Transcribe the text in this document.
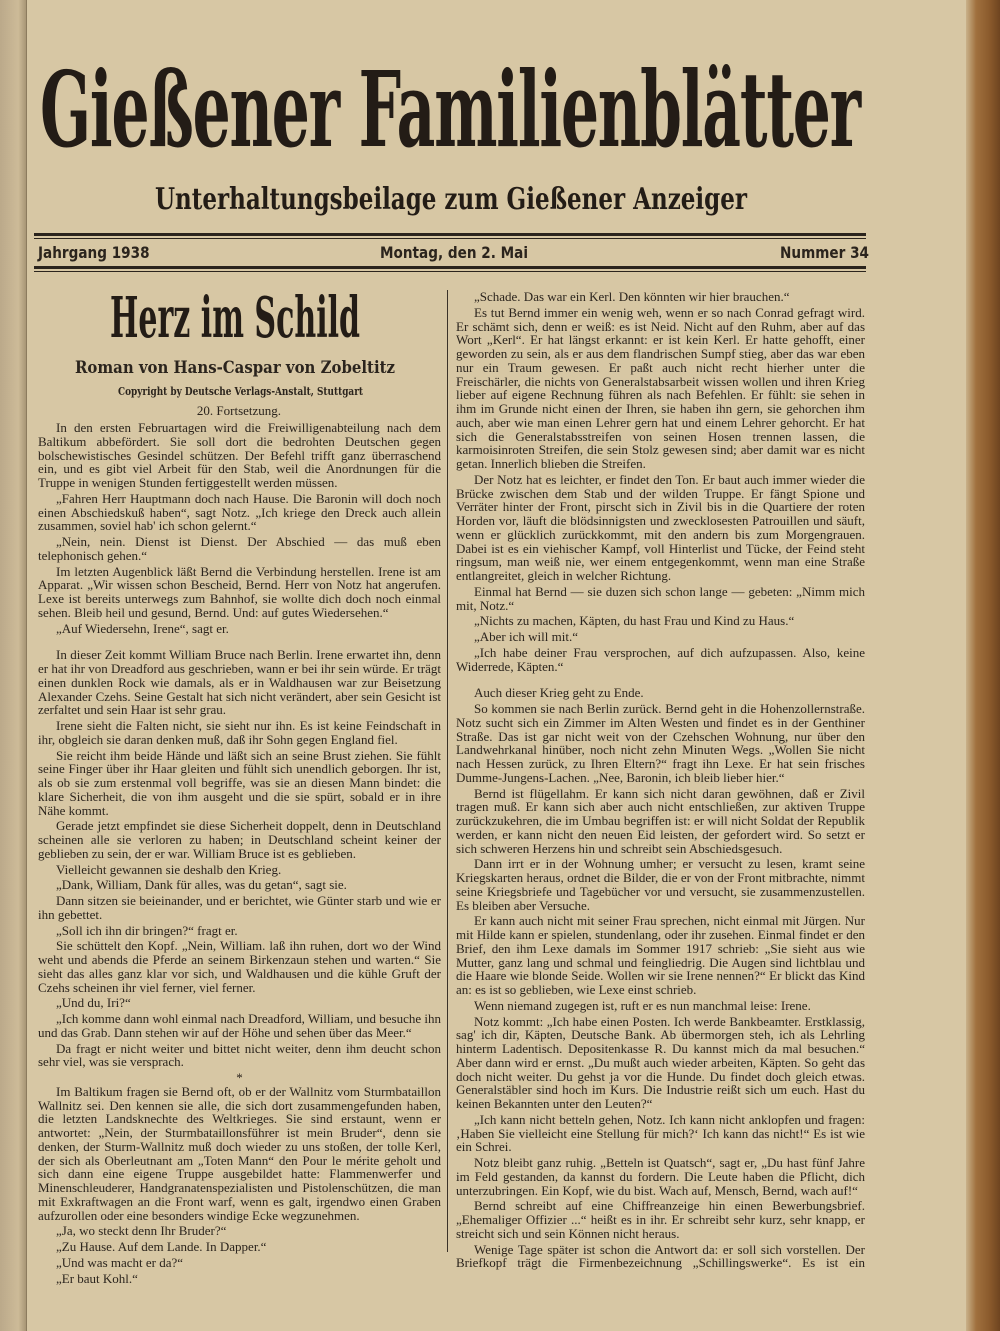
Gießener Familienblätter
Unterhaltungsbeilage zum Gießener Anzeiger
Jahrgang 1938	Montag, den 2. Mai	Nummer 34
Herz im Schild
Roman von Hans-Caspar von Zobeltitz
Copyright by Deutsche Verlags-Anstalt, Stuttgart
20. Fortsetzung.

In den ersten Februartagen wird die Freiwilligenabteilung nach dem Baltikum abbefördert. Sie soll dort die bedrohten Deutschen gegen bolschewistisches Gesindel schützen. Der Befehl trifft ganz überraschend ein, und es gibt viel Arbeit für den Stab, weil die Anordnungen für die Truppe in wenigen Stunden fertiggestellt werden müssen.

„Fahren Herr Hauptmann doch nach Hause. Die Baronin will doch noch einen Abschiedskuß haben“, sagt Notz. „Ich kriege den Dreck auch allein zusammen, soviel hab' ich schon gelernt.“

„Nein, nein. Dienst ist Dienst. Der Abschied — das muß eben telephonisch gehen.“

Im letzten Augenblick läßt Bernd die Verbindung herstellen. Irene ist am Apparat. „Wir wissen schon Bescheid, Bernd. Herr von Notz hat angerufen. Lexe ist bereits unterwegs zum Bahnhof, sie wollte dich doch noch einmal sehen. Bleib heil und gesund, Bernd. Und: auf gutes Wiedersehen.“

„Auf Wiedersehn, Irene“, sagt er.

In dieser Zeit kommt William Bruce nach Berlin. Irene erwartet ihn, denn er hat ihr von Dreadford aus geschrieben, wann er bei ihr sein würde. Er trägt einen dunklen Rock wie damals, als er in Waldhausen war zur Beisetzung Alexander Czehs. Seine Gestalt hat sich nicht verändert, aber sein Gesicht ist zerfaltet und sein Haar ist sehr grau.

Irene sieht die Falten nicht, sie sieht nur ihn. Es ist keine Feindschaft in ihr, obgleich sie daran denken muß, daß ihr Sohn gegen England fiel.

Sie reicht ihm beide Hände und läßt sich an seine Brust ziehen. Sie fühlt seine Finger über ihr Haar gleiten und fühlt sich unendlich geborgen. Ihr ist, als ob sie zum erstenmal voll begriffe, was sie an diesen Mann bindet: die klare Sicherheit, die von ihm ausgeht und die sie spürt, sobald er in ihre Nähe kommt.

Gerade jetzt empfindet sie diese Sicherheit doppelt, denn in Deutschland scheinen alle sie verloren zu haben; in Deutschland scheint keiner der geblieben zu sein, der er war. William Bruce ist es geblieben.

Vielleicht gewannen sie deshalb den Krieg.

„Dank, William, Dank für alles, was du getan“, sagt sie.

Dann sitzen sie beieinander, und er berichtet, wie Günter starb und wie er ihn gebettet.

„Soll ich ihn dir bringen?“ fragt er.

Sie schüttelt den Kopf. „Nein, William. laß ihn ruhen, dort wo der Wind weht und abends die Pferde an seinem Birkenzaun stehen und warten.“ Sie sieht das alles ganz klar vor sich, und Waldhausen und die kühle Gruft der Czehs scheinen ihr viel ferner, viel ferner.

„Und du, Iri?“

„Ich komme dann wohl einmal nach Dreadford, William, und besuche ihn und das Grab. Dann stehen wir auf der Höhe und sehen über das Meer.“

Da fragt er nicht weiter und bittet nicht weiter, denn ihm deucht schon sehr viel, was sie versprach.

*

Im Baltikum fragen sie Bernd oft, ob er der Wallnitz vom Sturmbataillon Wallnitz sei. Den kennen sie alle, die sich dort zusammengefunden haben, die letzten Landsknechte des Weltkrieges. Sie sind erstaunt, wenn er antwortet: „Nein, der Sturmbataillonsführer ist mein Bruder“, denn sie denken, der Sturm-Wallnitz muß doch wieder zu uns stoßen, der tolle Kerl, der sich als Oberleutnant am „Toten Mann“ den Pour le mérite geholt und sich dann eine eigene Truppe ausgebildet hatte: Flammenwerfer und Minenschleuderer, Handgranatenspezialisten und Pistolenschützen, die man mit Exkraftwagen an die Front warf, wenn es galt, irgendwo einen Graben aufzurollen oder eine besonders windige Ecke wegzunehmen.

„Ja, wo steckt denn Ihr Bruder?“

„Zu Hause. Auf dem Lande. In Dapper.“

„Und was macht er da?“

„Er baut Kohl.“

„Schade. Das war ein Kerl. Den könnten wir hier brauchen.“

Es tut Bernd immer ein wenig weh, wenn er so nach Conrad gefragt wird. Er schämt sich, denn er weiß: es ist Neid. Nicht auf den Ruhm, aber auf das Wort „Kerl“. Er hat längst erkannt: er ist kein Kerl. Er hatte gehofft, einer geworden zu sein, als er aus dem flandrischen Sumpf stieg, aber das war eben nur ein Traum gewesen. Er paßt auch nicht recht hierher unter die Freischärler, die nichts von Generalstabsarbeit wissen wollen und ihren Krieg lieber auf eigene Rechnung führen als nach Befehlen. Er fühlt: sie sehen in ihm im Grunde nicht einen der Ihren, sie haben ihn gern, sie gehorchen ihm auch, aber wie man einen Lehrer gern hat und einem Lehrer gehorcht. Er hat sich die Generalstabsstreifen von seinen Hosen trennen lassen, die karmoisinroten Streifen, die sein Stolz gewesen sind; aber damit war es nicht getan. Innerlich blieben die Streifen.

Der Notz hat es leichter, er findet den Ton. Er baut auch immer wieder die Brücke zwischen dem Stab und der wilden Truppe. Er fängt Spione und Verräter hinter der Front, pirscht sich in Zivil bis in die Quartiere der roten Horden vor, läuft die blödsinnigsten und zwecklosesten Patrouillen und säuft, wenn er glücklich zurückkommt, mit den andern bis zum Morgengrauen. Dabei ist es ein viehischer Kampf, voll Hinterlist und Tücke, der Feind steht ringsum, man weiß nie, wer einem entgegenkommt, wenn man eine Straße entlangreitet, gleich in welcher Richtung.

Einmal hat Bernd — sie duzen sich schon lange — gebeten: „Nimm mich mit, Notz.“

„Nichts zu machen, Käpten, du hast Frau und Kind zu Haus.“

„Aber ich will mit.“

„Ich habe deiner Frau versprochen, auf dich aufzupassen. Also, keine Widerrede, Käpten.“

Auch dieser Krieg geht zu Ende.

So kommen sie nach Berlin zurück. Bernd geht in die Hohenzollernstraße. Notz sucht sich ein Zimmer im Alten Westen und findet es in der Genthiner Straße. Das ist gar nicht weit von der Czehschen Wohnung, nur über den Landwehrkanal hinüber, noch nicht zehn Minuten Wegs. „Wollen Sie nicht nach Hessen zurück, zu Ihren Eltern?“ fragt ihn Lexe. Er hat sein frisches Dumme-Jungens-Lachen. „Nee, Baronin, ich bleib lieber hier.“

Bernd ist flügellahm. Er kann sich nicht daran gewöhnen, daß er Zivil tragen muß. Er kann sich aber auch nicht entschließen, zur aktiven Truppe zurückzukehren, die im Umbau begriffen ist: er will nicht Soldat der Republik werden, er kann nicht den neuen Eid leisten, der gefordert wird. So setzt er sich schweren Herzens hin und schreibt sein Abschiedsgesuch.

Dann irrt er in der Wohnung umher; er versucht zu lesen, kramt seine Kriegskarten heraus, ordnet die Bilder, die er von der Front mitbrachte, nimmt seine Kriegsbriefe und Tagebücher vor und versucht, sie zusammenzustellen. Es bleiben aber Versuche.

Er kann auch nicht mit seiner Frau sprechen, nicht einmal mit Jürgen. Nur mit Hilde kann er spielen, stundenlang, oder ihr zusehen. Einmal findet er den Brief, den ihm Lexe damals im Sommer 1917 schrieb: „Sie sieht aus wie Mutter, ganz lang und schmal und feingliedrig. Die Augen sind lichtblau und die Haare wie blonde Seide. Wollen wir sie Irene nennen?“ Er blickt das Kind an: es ist so geblieben, wie Lexe einst schrieb.

Wenn niemand zugegen ist, ruft er es nun manchmal leise: Irene.

Notz kommt: „Ich habe einen Posten. Ich werde Bankbeamter. Erstklassig, sag' ich dir, Käpten, Deutsche Bank. Ab übermorgen steh, ich als Lehrling hinterm Ladentisch. Depositenkasse R. Du kannst mich da mal besuchen.“ Aber dann wird er ernst. „Du mußt auch wieder arbeiten, Käpten. So geht das doch nicht weiter. Du gehst ja vor die Hunde. Du findet doch gleich etwas. Generalstäbler sind hoch im Kurs. Die Industrie reißt sich um euch. Hast du keinen Bekannten unter den Leuten?“

„Ich kann nicht betteln gehen, Notz. Ich kann nicht anklopfen und fragen: ‚Haben Sie vielleicht eine Stellung für mich?‘ Ich kann das nicht!“ Es ist wie ein Schrei.

Notz bleibt ganz ruhig. „Betteln ist Quatsch“, sagt er, „Du hast fünf Jahre im Feld gestanden, da kannst du fordern. Die Leute haben die Pflicht, dich unterzubringen. Ein Kopf, wie du bist. Wach auf, Mensch, Bernd, wach auf!“

Bernd schreibt auf eine Chiffreanzeige hin einen Bewerbungsbrief. „Ehemaliger Offizier ...“ heißt es in ihr. Er schreibt sehr kurz, sehr knapp, er streicht sich und sein Können nicht heraus.

Wenige Tage später ist schon die Antwort da: er soll sich vorstellen. Der Briefkopf trägt die Firmenbezeichnung „Schillingswerke“. Es ist ein
